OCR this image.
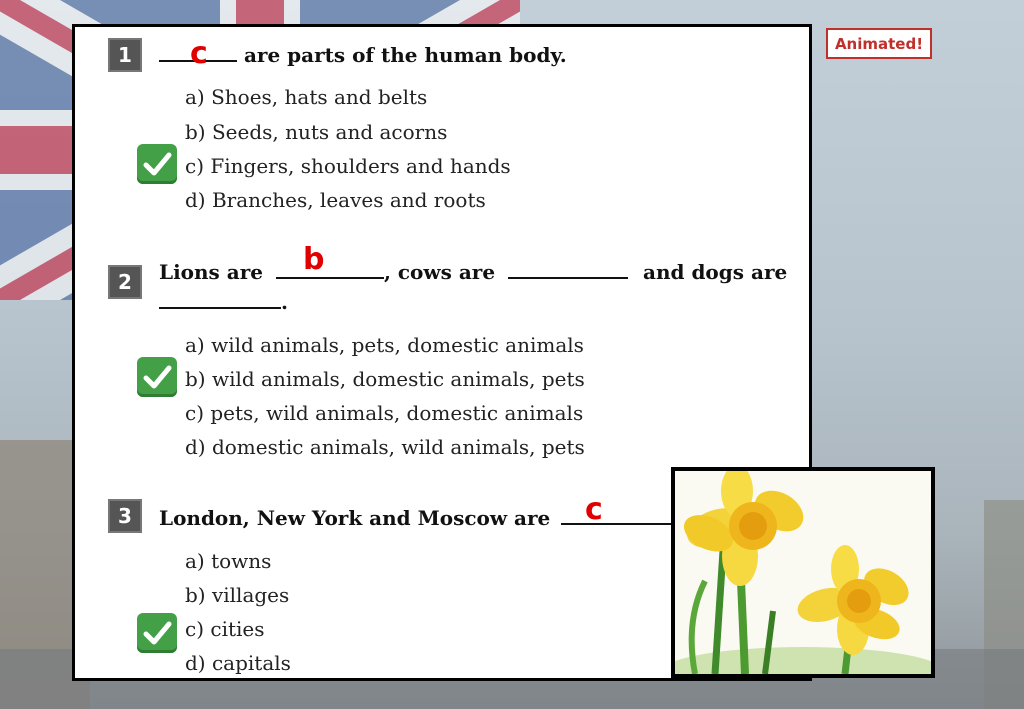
1	are parts of the human body.
c
a) Shoes, hats and belts
b) Seeds, nuts and acorns
c) Fingers, shoulders and hands
d) Branches, leaves and roots
2	Lions are	, cows are	and dogs are
.
b
a) wild animals, pets, domestic animals
b) wild animals, domestic animals, pets
c) pets, wild animals, domestic animals
d) domestic animals, wild animals, pets
3	London, New York and Moscow are	c
a) towns
b) villages
c) cities
d) capitals
Animated!
